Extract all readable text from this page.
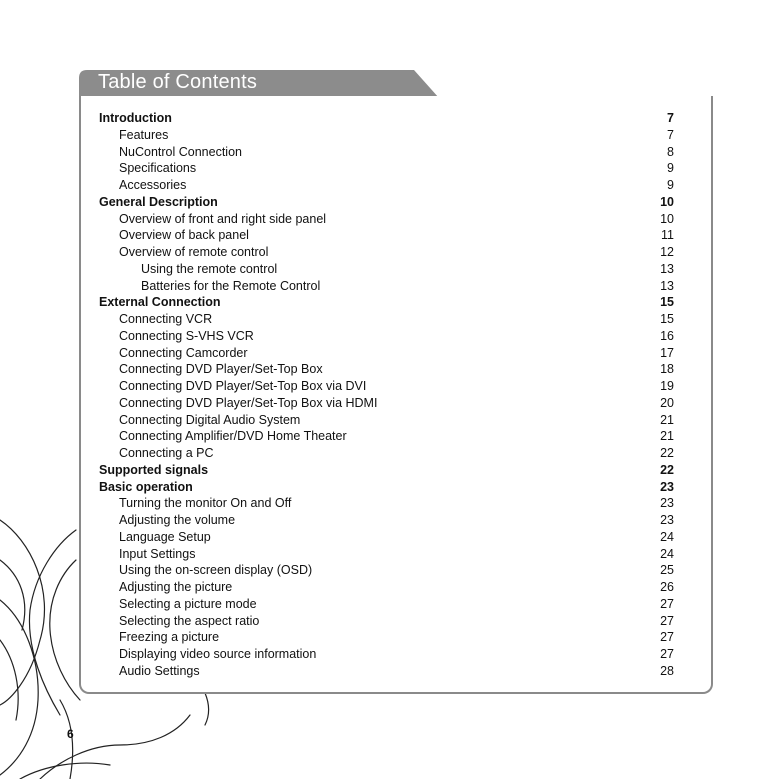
Table of Contents
Introduction	7
Features	7
NuControl Connection	8
Specifications	9
Accessories	9
General Description	10
Overview of front and right side panel	10
Overview of back panel	11
Overview of remote control	12
Using the remote control	13
Batteries for the Remote Control	13
External Connection	15
Connecting VCR	15
Connecting S-VHS VCR	16
Connecting Camcorder	17
Connecting DVD Player/Set-Top Box	18
Connecting DVD Player/Set-Top Box via DVI	19
Connecting DVD Player/Set-Top Box via HDMI	20
Connecting Digital Audio System	21
Connecting Amplifier/DVD Home Theater	21
Connecting a PC	22
Supported signals	22
Basic operation	23
Turning the monitor On and Off	23
Adjusting the volume	23
Language Setup	24
Input Settings	24
Using the on-screen display (OSD)	25
Adjusting the picture	26
Selecting a picture mode	27
Selecting the aspect ratio	27
Freezing a picture	27
Displaying video source information	27
Audio Settings	28
6
